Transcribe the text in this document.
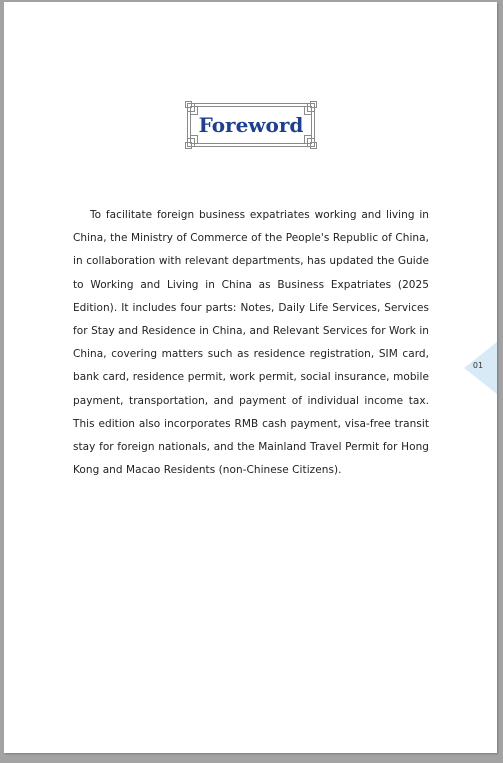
Foreword

To facilitate foreign business expatriates working and living in China, the Ministry of Commerce of the People's Republic of China, in collaboration with relevant departments, has updated the Guide to Working and Living in China as Business Expatriates (2025 Edition). It includes four parts: Notes, Daily Life Services, Services for Stay and Residence in China, and Relevant Services for Work in China, covering matters such as residence registration, SIM card, bank card, residence permit, work permit, social insurance, mobile payment, transportation, and payment of individual income tax. This edition also incorporates RMB cash payment, visa-free transit stay for foreign nationals, and the Mainland Travel Permit for Hong Kong and Macao Residents (non-Chinese Citizens).

01
